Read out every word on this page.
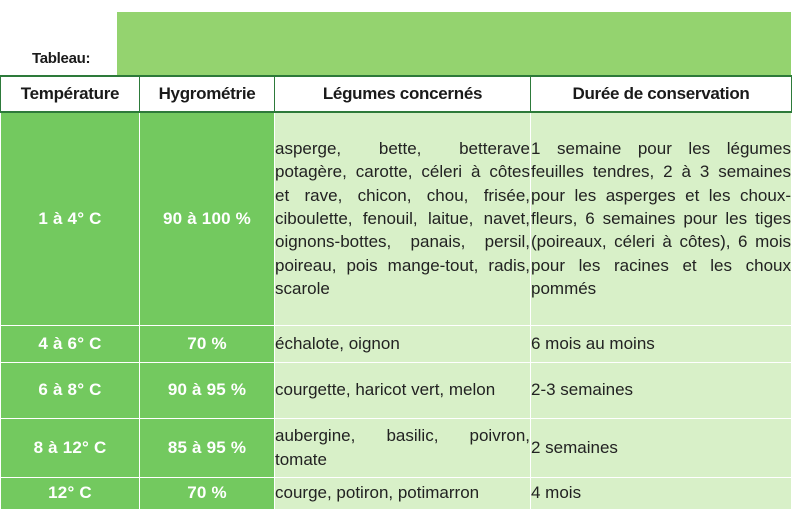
Tableau:
Température	Hygrométrie	Légumes concernés	Durée de conservation
1 à 4° C	90 à 100 %	asperge, bette, betterave potagère, carotte, céleri à côtes et rave, chicon, chou, frisée, ciboulette, fenouil, laitue, navet, oignons-bottes, panais, persil, poireau, pois mange-tout, radis, scarole	1 semaine pour les légumes feuilles tendres, 2 à 3 semaines pour les asperges et les choux-fleurs, 6 semaines pour les tiges (poireaux, céleri à côtes), 6 mois pour les racines et les choux pommés
4 à 6° C	70 %	échalote, oignon	6 mois au moins
6 à 8° C	90 à 95 %	courgette, haricot vert, melon	2-3 semaines
8 à 12° C	85 à 95 %	aubergine, basilic, poivron, tomate	2 semaines
12° C	70 %	courge, potiron, potimarron	4 mois
